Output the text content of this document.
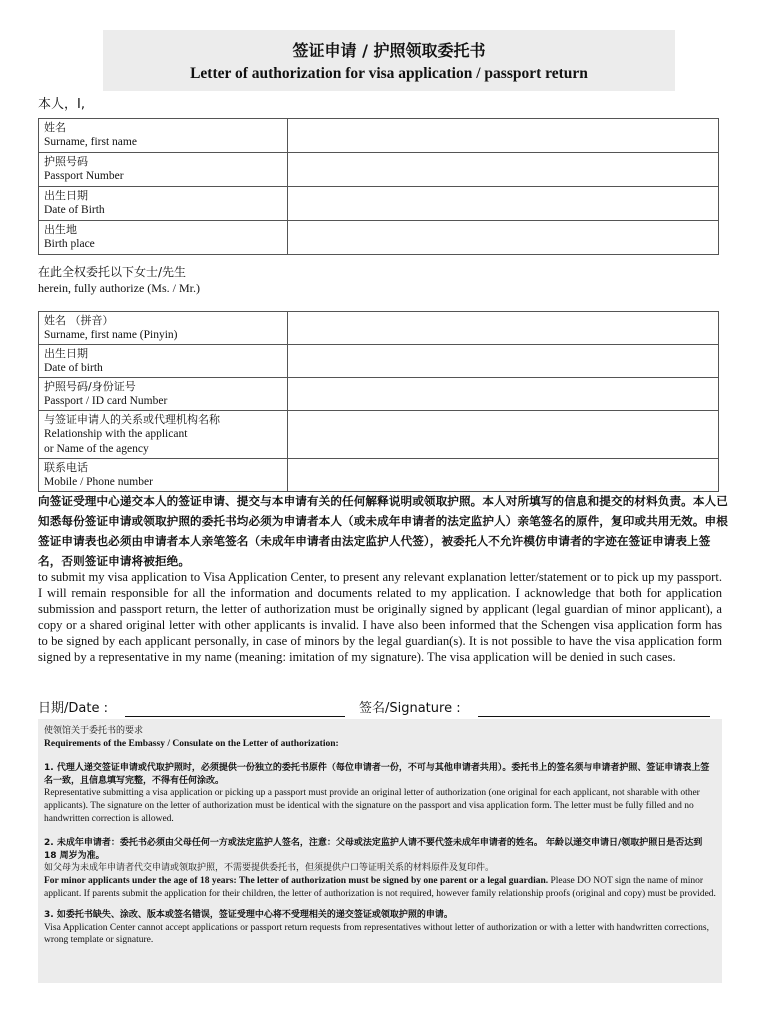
签证申请 / 护照领取委托书
Letter of authorization for visa application / passport return
本人，I,
姓名
Surname, first name	

护照号码
Passport Number	

出生日期
Date of Birth	

出生地
Birth place	

在此全权委托以下女士/先生
herein, fully authorize (Ms. / Mr.)
姓名 （拼音）
Surname, first name (Pinyin)	

出生日期
Date of birth	

护照号码/身份证号
Passport / ID card Number	

与签证申请人的关系或代理机构名称
Relationship with the applicant
or Name of the agency	

联系电话
Mobile / Phone number	

向签证受理中心递交本人的签证申请、提交与本申请有关的任何解释说明或领取护照。本人对所填写的信息和提交的材料负责。本人已知悉每份签证申请或领取护照的委托书均必须为申请者本人（或未成年申请者的法定监护人）亲笔签名的原件，复印或共用无效。申根签证申请表也必须由申请者本人亲笔签名（未成年申请者由法定监护人代签），被委托人不允许模仿申请者的字迹在签证申请表上签名，否则签证申请将被拒绝。
to submit my visa application to Visa Application Center, to present any relevant explanation letter/statement or to pick up my passport. I will remain responsible for all the information and documents related to my application. I acknowledge that both for application submission and passport return, the letter of authorization must be originally signed by applicant (legal guardian of minor applicant), a copy or a shared original letter with other applicants is invalid. I have also been informed that the Schengen visa application form has to be signed by each applicant personally, in case of minors by the legal guardian(s). It is not possible to have the visa application form signed by a representative in my name (meaning: imitation of my signature). The visa application will be denied in such cases.
日期/Date :	签名/Signature :

使领馆关于委托书的要求

Requirements of the Embassy / Consulate on the Letter of authorization:

1. 代理人递交签证申请或代取护照时，必须提供一份独立的委托书原件（每位申请者一份，不可与其他申请者共用）。委托书上的签名须与申请者护照、签证申请表上签名一致，且信息填写完整，不得有任何涂改。

Representative submitting a visa application or picking up a passport must provide an original letter of authorization (one original for each applicant, not sharable with other applicants). The signature on the letter of authorization must be identical with the signature on the passport and visa application form. The letter must be fully filled and no handwritten correction is allowed.

2. 未成年申请者：委托书必须由父母任何一方或法定监护人签名，注意：父母或法定监护人请不要代签未成年申请者的姓名。 年龄以递交申请日/领取护照日是否达到 18 周岁为准。

如父母为未成年申请者代交申请或领取护照，不需要提供委托书，但须提供户口等证明关系的材料原件及复印件。

For minor applicants under the age of 18 years: The letter of authorization must be signed by one parent or a legal guardian. Please DO NOT sign the name of minor applicant. If parents submit the application for their children, the letter of authorization is not required, however family relationship proofs (original and copy) must be provided.

3. 如委托书缺失、涂改、版本或签名错误，签证受理中心将不受理相关的递交签证或领取护照的申请。

Visa Application Center cannot accept applications or passport return requests from representatives without letter of authorization or with a letter with handwritten corrections, wrong template or signature.
